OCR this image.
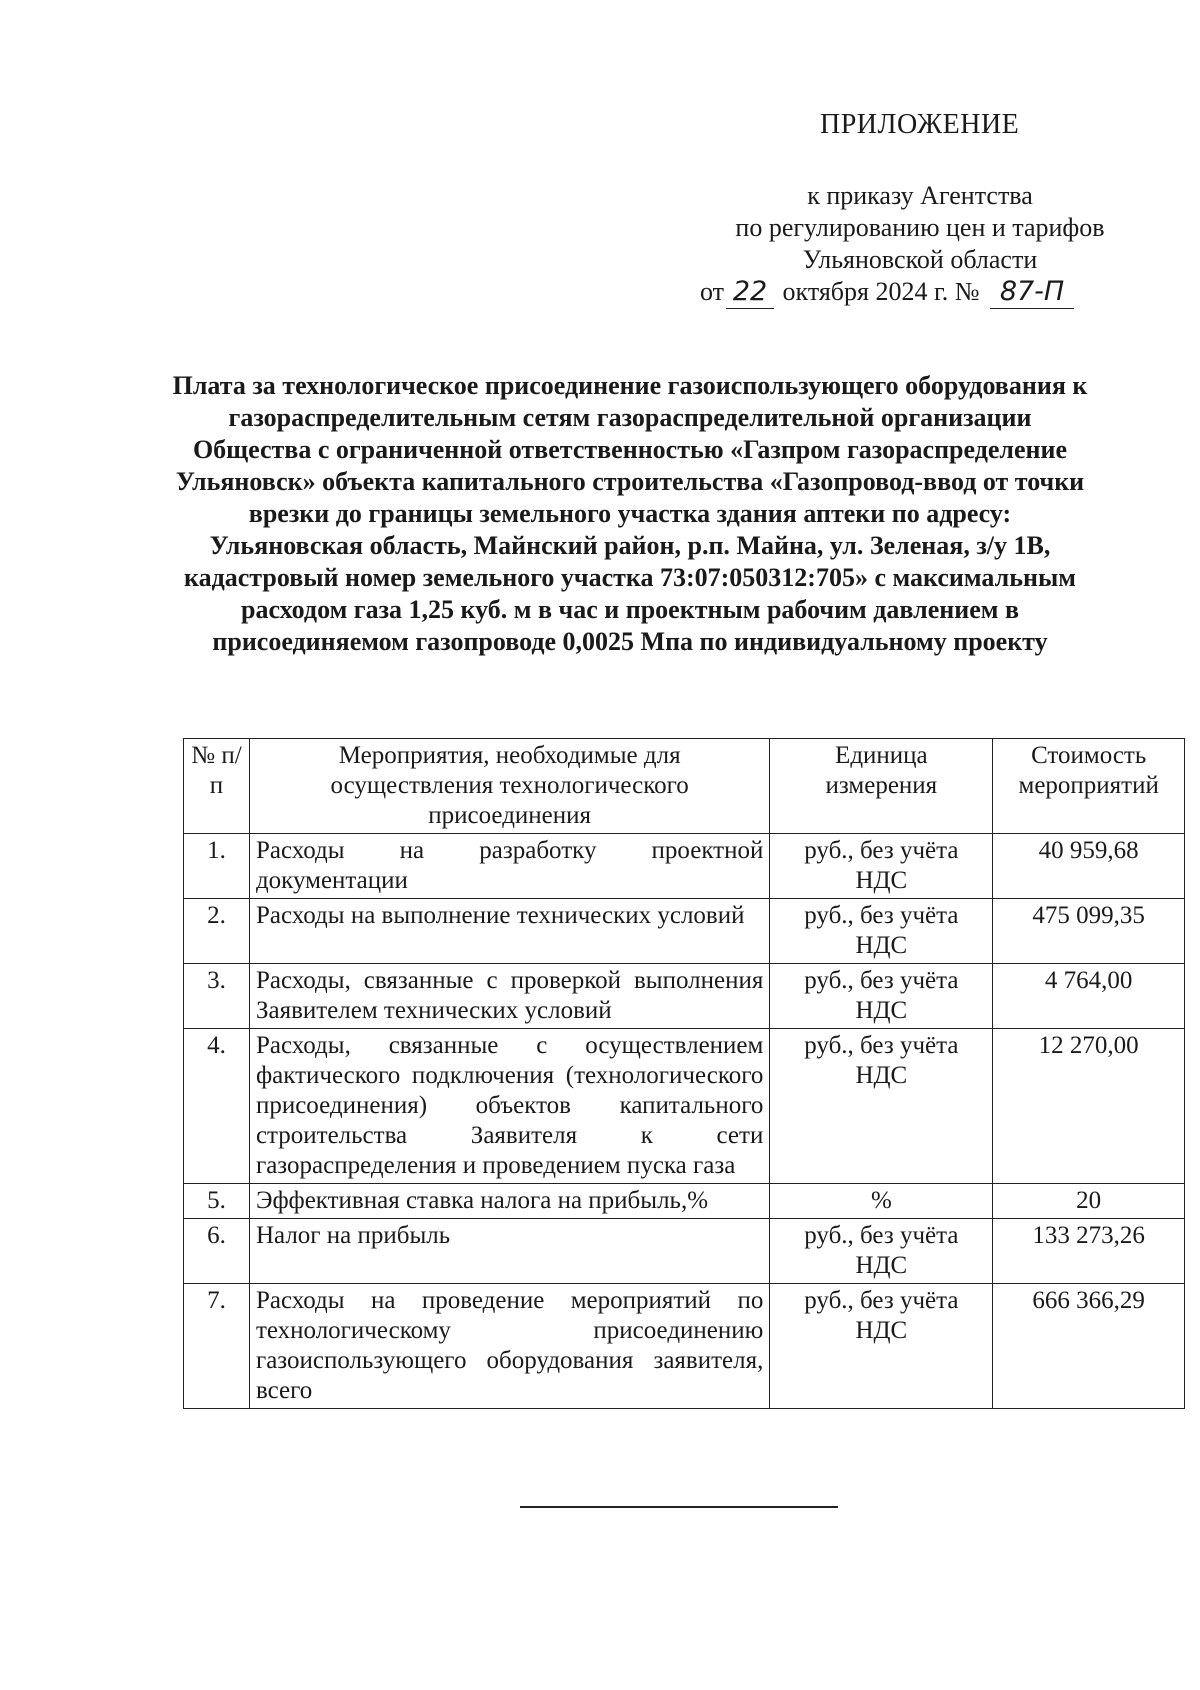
ПРИЛОЖЕНИЕ
к приказу Агентства
по регулированию цен и тарифов
Ульяновской области
от 22 октября 2024 г. № 87-П
Плата за технологическое присоединение газоиспользующего оборудования к газораспределительным сетям газораспределительной организации Общества с ограниченной ответственностью «Газпром газораспределение Ульяновск» объекта капитального строительства «Газопровод-ввод от точки врезки до границы земельного участка здания аптеки по адресу: Ульяновская область, Майнский район, р.п. Майна, ул. Зеленая, з/у 1В, кадастровый номер земельного участка 73:07:050312:705» с максимальным расходом газа 1,25 куб. м в час и проектным рабочим давлением в присоединяемом газопроводе 0,0025 Мпа по индивидуальному проекту
№ п/п	Мероприятия, необходимые для осуществления технологического присоединения	Единица измерения	Стоимость мероприятий
1.	Расходы на разработку проектной документации	руб., без учёта НДС	40 959,68
2.	Расходы на выполнение технических условий	руб., без учёта НДС	475 099,35
3.	Расходы, связанные с проверкой выполнения Заявителем технических условий	руб., без учёта НДС	4 764,00
4.	Расходы, связанные с осуществлением фактического подключения (технологического присоединения) объектов капитального строительства Заявителя к сети газораспределения и проведением пуска газа	руб., без учёта НДС	12 270,00
5.	Эффективная ставка налога на прибыль,%	%	20
6.	Налог на прибыль	руб., без учёта НДС	133 273,26
7.	Расходы на проведение мероприятий по технологическому присоединению газоиспользующего оборудования заявителя, всего	руб., без учёта НДС	666 366,29
